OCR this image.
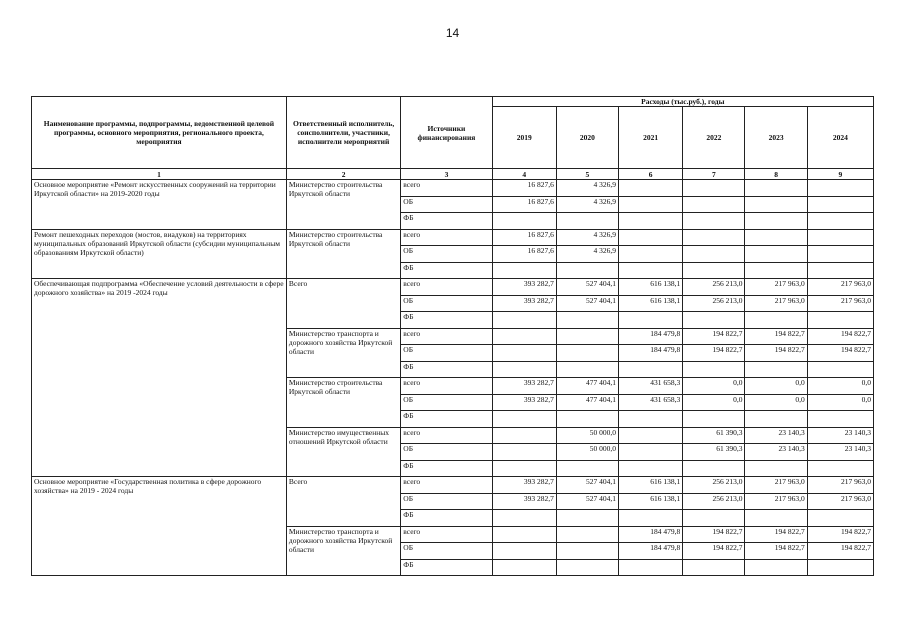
14
Наименование программы, подпрограммы, ведомственной целевой программы, основного мероприятия, регионального проекта, мероприятия	Ответственный исполнитель, соисполнители, участники, исполнители мероприятий	Источники финансирования	Расходы (тыс.руб.), годы					
			2019	2020	2021	2022	2023	2024
1	2	3	4	5	6	7	8	9
Основное мероприятие «Ремонт искусственных сооружений на территории Иркутской области» на 2019-2020 годы	Министерство строительства Иркутской области	всего	16 827,6	4 326,9				
		ОБ	16 827,6	4 326,9				
		ФБ						
Ремонт пешеходных переходов (мостов, виадуков) на территориях муниципальных образований Иркутской области (субсидии муниципальным образованиям Иркутской области)	Министерство строительства Иркутской области	всего	16 827,6	4 326,9				
		ОБ	16 827,6	4 326,9				
		ФБ						
Обеспечивающая подпрограмма «Обеспечение условий деятельности в сфере дорожного хозяйства» на 2019 -2024 годы	Всего	всего	393 282,7	527 404,1	616 138,1	256 213,0	217 963,0	217 963,0
		ОБ	393 282,7	527 404,1	616 138,1	256 213,0	217 963,0	217 963,0
		ФБ						
	Министерство транспорта и дорожного хозяйства Иркутской области	всего			184 479,8	194 822,7	194 822,7	194 822,7
		ОБ			184 479,8	194 822,7	194 822,7	194 822,7
		ФБ						
	Министерство строительства Иркутской области	всего	393 282,7	477 404,1	431 658,3	0,0	0,0	0,0
		ОБ	393 282,7	477 404,1	431 658,3	0,0	0,0	0,0
		ФБ						
	Министерство имущественных отношений Иркутской области	всего		50 000,0		61 390,3	23 140,3	23 140,3
		ОБ		50 000,0		61 390,3	23 140,3	23 140,3
		ФБ						
Основное мероприятие «Государственная политика в сфере дорожного хозяйства» на 2019 - 2024 годы	Всего	всего	393 282,7	527 404,1	616 138,1	256 213,0	217 963,0	217 963,0
		ОБ	393 282,7	527 404,1	616 138,1	256 213,0	217 963,0	217 963,0
		ФБ						
	Министерство транспорта и дорожного хозяйства Иркутской области	всего			184 479,8	194 822,7	194 822,7	194 822,7
		ОБ			184 479,8	194 822,7	194 822,7	194 822,7
		ФБ						
